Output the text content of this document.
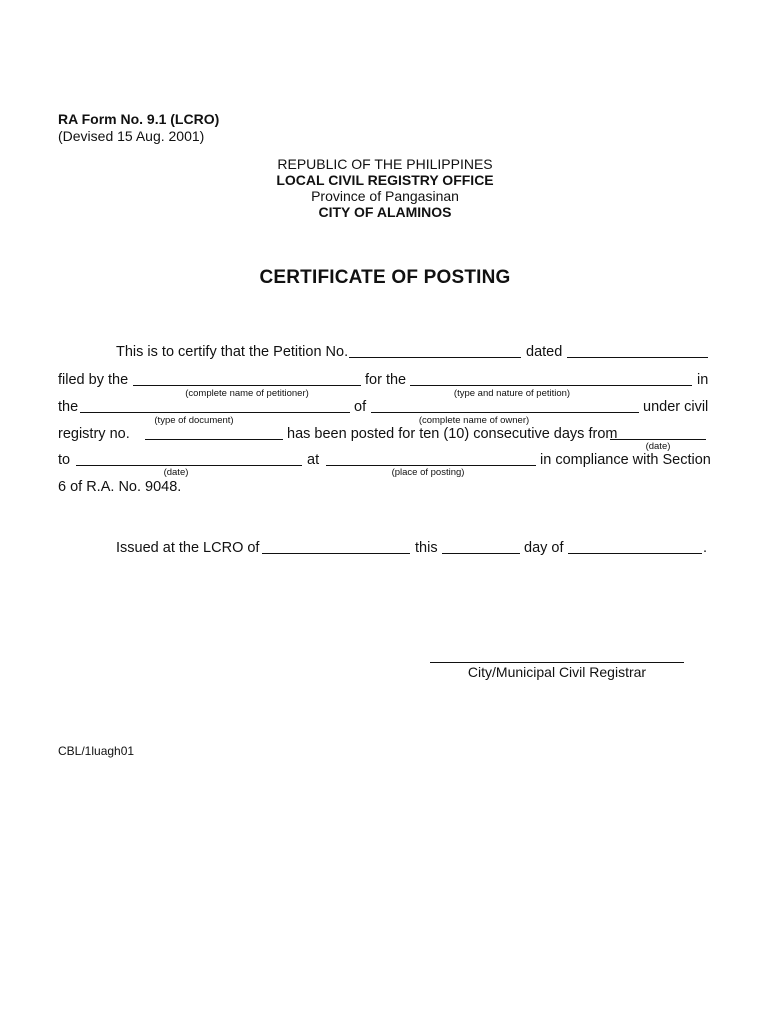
RA Form No. 9.1 (LCRO)
(Devised 15 Aug. 2001)
REPUBLIC OF THE PHILIPPINES
LOCAL CIVIL REGISTRY OFFICE
Province of Pangasinan
CITY OF ALAMINOS
CERTIFICATE OF POSTING
This is to certify that the Petition No.	dated
filed by the	for the	in
(complete name of petitioner)	(type and nature of petition)
the	of	under civil
(type of document)	(complete name of owner)
registry no.	has been posted for ten (10) consecutive days from
(date)
to	at	in compliance with Section
(date)	(place of posting)
6 of R.A. No. 9048.
Issued at the LCRO of	this	day of	.
City/Municipal Civil Registrar
CBL/1luagh01
